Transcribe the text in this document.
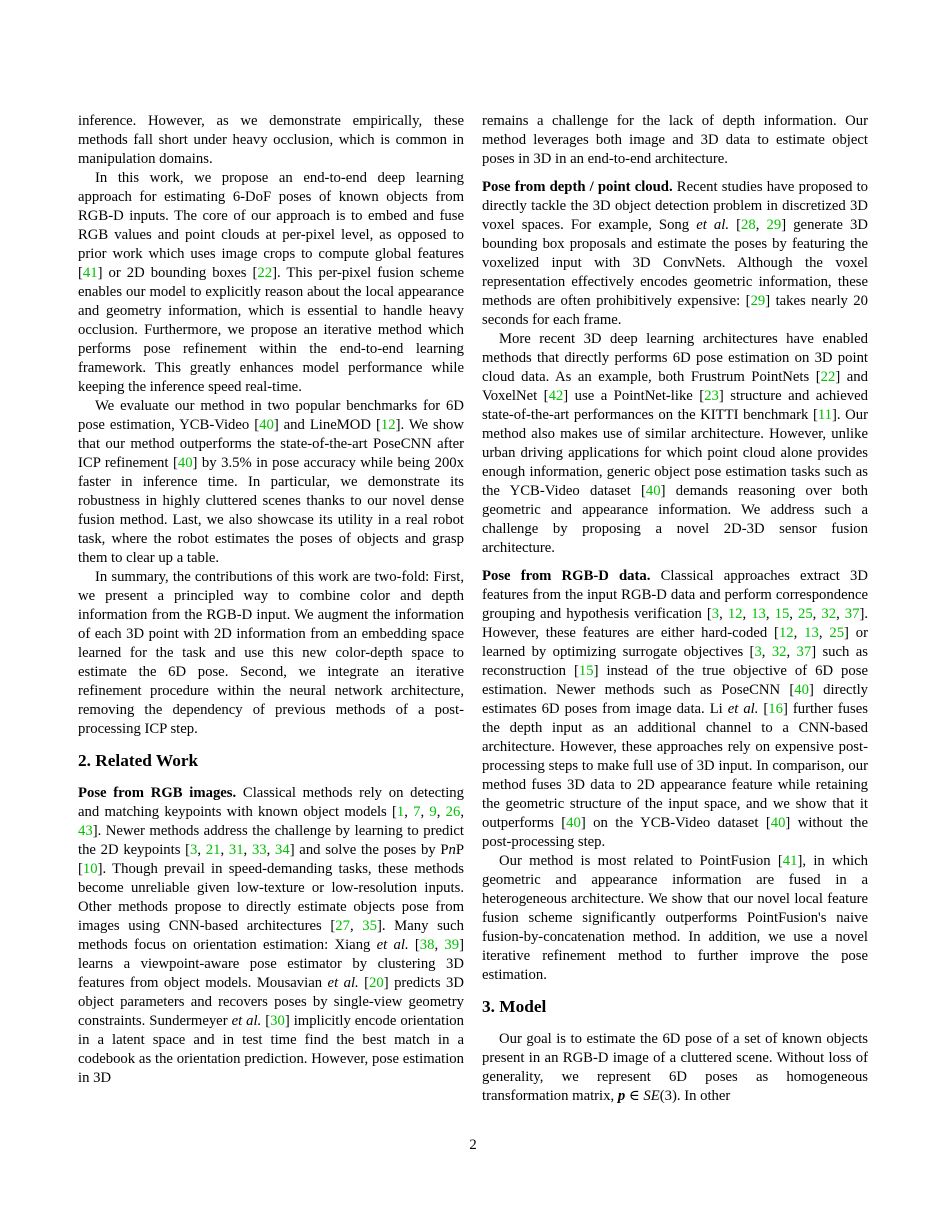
inference. However, as we demonstrate empirically, these methods fall short under heavy occlusion, which is common in manipulation domains.

In this work, we propose an end-to-end deep learning approach for estimating 6-DoF poses of known objects from RGB-D inputs. The core of our approach is to embed and fuse RGB values and point clouds at per-pixel level, as opposed to prior work which uses image crops to compute global features [41] or 2D bounding boxes [22]. This per-pixel fusion scheme enables our model to explicitly reason about the local appearance and geometry information, which is essential to handle heavy occlusion. Furthermore, we propose an iterative method which performs pose refinement within the end-to-end learning framework. This greatly enhances model performance while keeping the inference speed real-time.

We evaluate our method in two popular benchmarks for 6D pose estimation, YCB-Video [40] and LineMOD [12]. We show that our method outperforms the state-of-the-art PoseCNN after ICP refinement [40] by 3.5% in pose accuracy while being 200x faster in inference time. In particular, we demonstrate its robustness in highly cluttered scenes thanks to our novel dense fusion method. Last, we also showcase its utility in a real robot task, where the robot estimates the poses of objects and grasp them to clear up a table.

In summary, the contributions of this work are two-fold: First, we present a principled way to combine color and depth information from the RGB-D input. We augment the information of each 3D point with 2D information from an embedding space learned for the task and use this new color-depth space to estimate the 6D pose. Second, we integrate an iterative refinement procedure within the neural network architecture, removing the dependency of previous methods of a post-processing ICP step.

2. Related Work

Pose from RGB images. Classical methods rely on detecting and matching keypoints with known object models [1, 7, 9, 26, 43]. Newer methods address the challenge by learning to predict the 2D keypoints [3, 21, 31, 33, 34] and solve the poses by PnP [10]. Though prevail in speed-demanding tasks, these methods become unreliable given low-texture or low-resolution inputs. Other methods propose to directly estimate objects pose from images using CNN-based architectures [27, 35]. Many such methods focus on orientation estimation: Xiang et al. [38, 39] learns a viewpoint-aware pose estimator by clustering 3D features from object models. Mousavian et al. [20] predicts 3D object parameters and recovers poses by single-view geometry constraints. Sundermeyer et al. [30] implicitly encode orientation in a latent space and in test time find the best match in a codebook as the orientation prediction. However, pose estimation in 3D

remains a challenge for the lack of depth information. Our method leverages both image and 3D data to estimate object poses in 3D in an end-to-end architecture.

Pose from depth / point cloud. Recent studies have proposed to directly tackle the 3D object detection problem in discretized 3D voxel spaces. For example, Song et al. [28, 29] generate 3D bounding box proposals and estimate the poses by featuring the voxelized input with 3D ConvNets. Although the voxel representation effectively encodes geometric information, these methods are often prohibitively expensive: [29] takes nearly 20 seconds for each frame.

More recent 3D deep learning architectures have enabled methods that directly performs 6D pose estimation on 3D point cloud data. As an example, both Frustrum PointNets [22] and VoxelNet [42] use a PointNet-like [23] structure and achieved state-of-the-art performances on the KITTI benchmark [11]. Our method also makes use of similar architecture. However, unlike urban driving applications for which point cloud alone provides enough information, generic object pose estimation tasks such as the YCB-Video dataset [40] demands reasoning over both geometric and appearance information. We address such a challenge by proposing a novel 2D-3D sensor fusion architecture.

Pose from RGB-D data. Classical approaches extract 3D features from the input RGB-D data and perform correspondence grouping and hypothesis verification [3, 12, 13, 15, 25, 32, 37]. However, these features are either hard-coded [12, 13, 25] or learned by optimizing surrogate objectives [3, 32, 37] such as reconstruction [15] instead of the true objective of 6D pose estimation. Newer methods such as PoseCNN [40] directly estimates 6D poses from image data. Li et al. [16] further fuses the depth input as an additional channel to a CNN-based architecture. However, these approaches rely on expensive post-processing steps to make full use of 3D input. In comparison, our method fuses 3D data to 2D appearance feature while retaining the geometric structure of the input space, and we show that it outperforms [40] on the YCB-Video dataset [40] without the post-processing step.

Our method is most related to PointFusion [41], in which geometric and appearance information are fused in a heterogeneous architecture. We show that our novel local feature fusion scheme significantly outperforms PointFusion's naive fusion-by-concatenation method. In addition, we use a novel iterative refinement method to further improve the pose estimation.

3. Model

Our goal is to estimate the 6D pose of a set of known objects present in an RGB-D image of a cluttered scene. Without loss of generality, we represent 6D poses as homogeneous transformation matrix, p ∈ SE(3). In other

2
